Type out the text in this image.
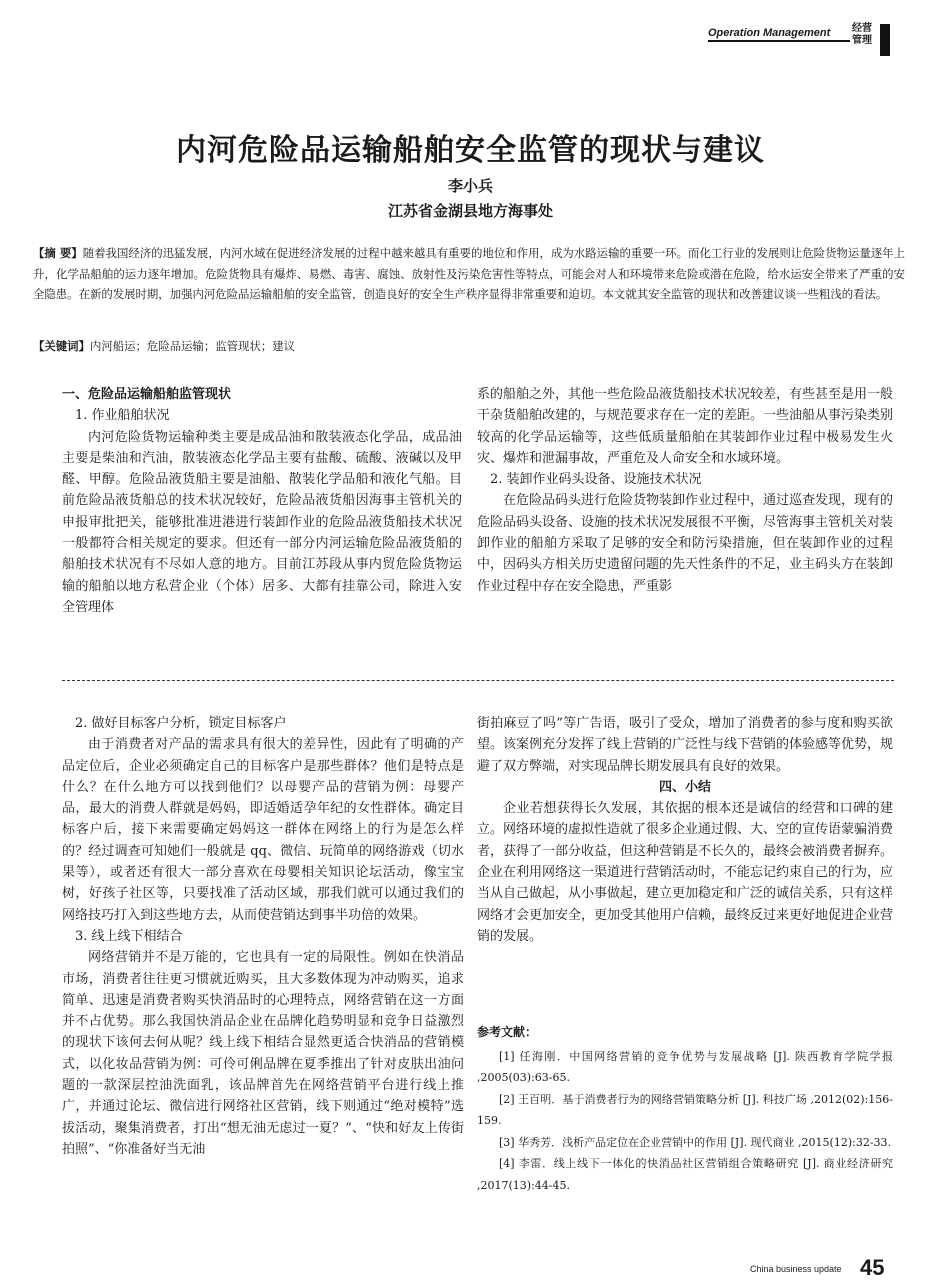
Operation Management 经营管理
内河危险品运输船舶安全监管的现状与建议
李小兵
江苏省金湖县地方海事处
【摘 要】随着我国经济的迅猛发展，内河水域在促进经济发展的过程中越来越具有重要的地位和作用，成为水路运输的重要一环。而化工行业的发展则让危险货物运量逐年上升，化学品船舶的运力逐年增加。危险货物具有爆炸、易燃、毒害、腐蚀、放射性及污染危害性等特点，可能会对人和环境带来危险或潜在危险，给水运安全带来了严重的安全隐患。在新的发展时期，加强内河危险品运输船舶的安全监管，创造良好的安全生产秩序显得非常重要和迫切。本文就其安全监管的现状和改善建议谈一些粗浅的看法。
【关键词】内河船运；危险品运输；监管现状；建议

一、危险品运输船舶监管现状

1. 作业船舶状况

内河危险货物运输种类主要是成品油和散装液态化学品，成品油主要是柴油和汽油，散装液态化学品主要有盐酸、硫酸、液碱以及甲醛、甲醇。危险品液货船主要是油船、散装化学品船和液化气船。目前危险品液货船总的技术状况较好，危险品液货船因海事主管机关的申报审批把关，能够批准进港进行装卸作业的危险品液货船技术状况一般都符合相关规定的要求。但还有一部分内河运输危险品液货船的船舶技术状况有不尽如人意的地方。目前江苏段从事内贸危险货物运输的船舶以地方私营企业（个体）居多、大都有挂靠公司，除进入安全管理体

系的船舶之外，其他一些危险品液货船技术状况较差，有些甚至是用一般干杂货船舶改建的，与规范要求存在一定的差距。一些油船从事污染类别较高的化学品运输等，这些低质量船舶在其装卸作业过程中极易发生火灾、爆炸和泄漏事故，严重危及人命安全和水域环境。

2. 装卸作业码头设备、设施技术状况

在危险品码头进行危险货物装卸作业过程中，通过巡查发现，现有的危险品码头设备、设施的技术状况发展很不平衡，尽管海事主管机关对装卸作业的船舶方采取了足够的安全和防污染措施，但在装卸作业的过程中，因码头方相关历史遗留问题的先天性条件的不足，业主码头方在装卸作业过程中存在安全隐患，严重影

2. 做好目标客户分析，锁定目标客户

由于消费者对产品的需求具有很大的差异性，因此有了明确的产品定位后，企业必须确定自己的目标客户是那些群体？他们是特点是什么？在什么地方可以找到他们？以母婴产品的营销为例：母婴产品，最大的消费人群就是妈妈，即适婚适孕年纪的女性群体。确定目标客户后，接下来需要确定妈妈这一群体在网络上的行为是怎么样的？经过调查可知她们一般就是 qq、微信、玩简单的网络游戏（切水果等），或者还有很大一部分喜欢在母婴相关知识论坛活动，像宝宝树，好孩子社区等，只要找准了活动区域，那我们就可以通过我们的网络技巧打入到这些地方去，从而使营销达到事半功倍的效果。

3. 线上线下相结合

网络营销并不是万能的，它也具有一定的局限性。例如在快消品市场，消费者往往更习惯就近购买，且大多数体现为冲动购买，追求简单、迅速是消费者购买快消品时的心理特点，网络营销在这一方面并不占优势。那么我国快消品企业在品牌化趋势明显和竞争日益激烈的现状下该何去何从呢？线上线下相结合显然更适合快消品的营销模式，以化妆品营销为例：可伶可俐品牌在夏季推出了针对皮肤出油问题的一款深层控油洗面乳，该品牌首先在网络营销平台进行线上推广，并通过论坛、微信进行网络社区营销，线下则通过“绝对模特”选拔活动，聚集消费者，打出“想无油无虑过一夏？”、“快和好友上传街拍照”、“你准备好当无油

街拍麻豆了吗”等广告语，吸引了受众，增加了消费者的参与度和购买欲望。该案例充分发挥了线上营销的广泛性与线下营销的体验感等优势，规避了双方弊端，对实现品牌长期发展具有良好的效果。

四、小结

企业若想获得长久发展，其依据的根本还是诚信的经营和口碑的建立。网络环境的虚拟性造就了很多企业通过假、大、空的宣传语蒙骗消费者，获得了一部分收益，但这种营销是不长久的，最终会被消费者摒弃。企业在利用网络这一渠道进行营销活动时，不能忘记约束自己的行为，应当从自己做起，从小事做起，建立更加稳定和广泛的诚信关系，只有这样网络才会更加安全，更加受其他用户信赖，最终反过来更好地促进企业营销的发展。

参考文献：

[1] 任海刚．中国网络营销的竞争优势与发展战略 [J]. 陕西教育学院学报 ,2005(03):63-65.

[2] 王百明．基于消费者行为的网络营销策略分析 [J]. 科技广场 ,2012(02):156-159.

[3] 华秀芳．浅析产品定位在企业营销中的作用 [J]. 现代商业 ,2015(12):32-33.

[4] 李雷．线上线下一体化的快消品社区营销组合策略研究 [J]. 商业经济研究 ,2017(13):44-45.

China business update 45
